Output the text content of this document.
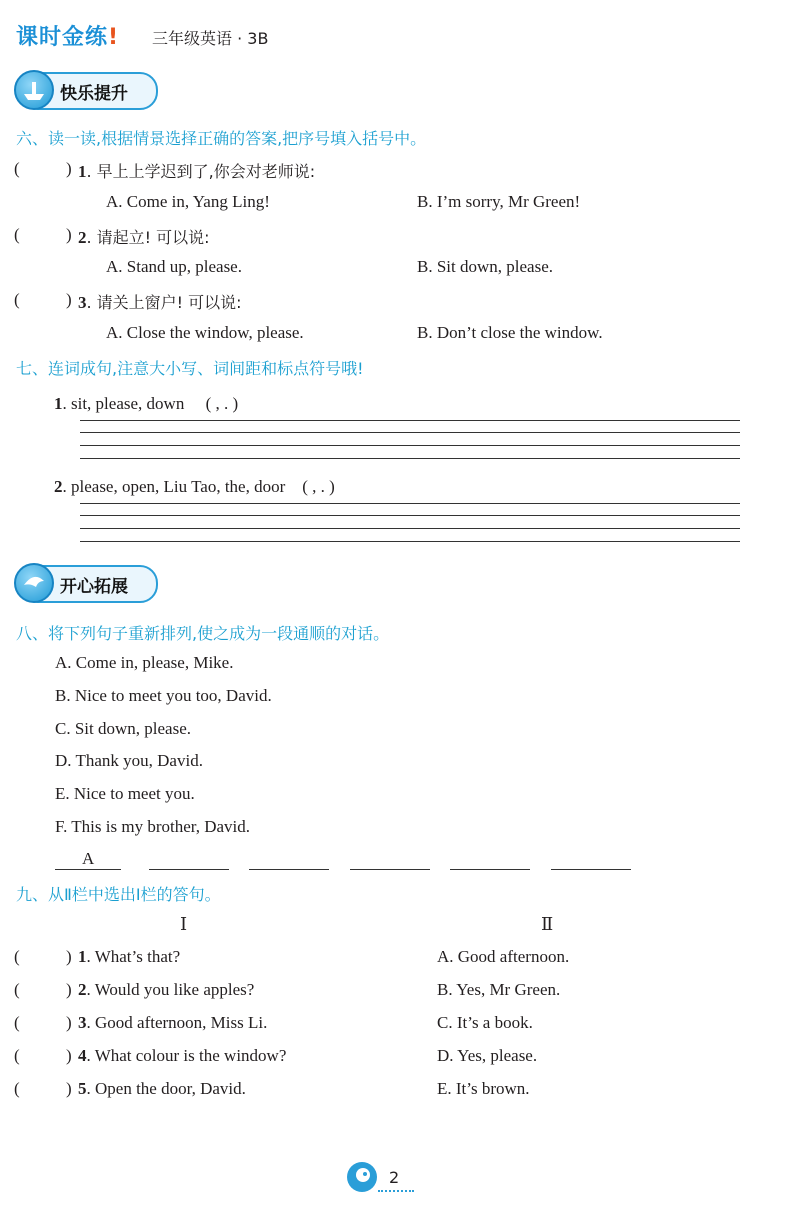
课时金练! 三年级英语 · 3B
快乐提升
六、读一读,根据情景选择正确的答案,把序号填入括号中。
(	) 1. 早上上学迟到了,你会对老师说:
A. Come in, Yang Ling!	B. I’m sorry, Mr Green!
(	) 2. 请起立! 可以说:
A. Stand up, please.	B. Sit down, please.
(	) 3. 请关上窗户! 可以说:
A. Close the window, please.	B. Don’t close the window.
七、连词成句,注意大小写、词间距和标点符号哦!
1. sit, please, down　 ( , . )
2. please, open, Liu Tao, the, door　( , . )
开心拓展
八、将下列句子重新排列,使之成为一段通顺的对话。
A. Come in, please, Mike.
B. Nice to meet you too, David.
C. Sit down, please.
D. Thank you, David.
E. Nice to meet you.
F. This is my brother, David.
A
九、从Ⅱ栏中选出Ⅰ栏的答句。
Ⅰ	Ⅱ
(	) 1. What’s that?	A. Good afternoon.
(	) 2. Would you like apples?	B. Yes, Mr Green.
(	) 3. Good afternoon, Miss Li.	C. It’s a book.
(	) 4. What colour is the window?	D. Yes, please.
(	) 5. Open the door, David.	E. It’s brown.
2
